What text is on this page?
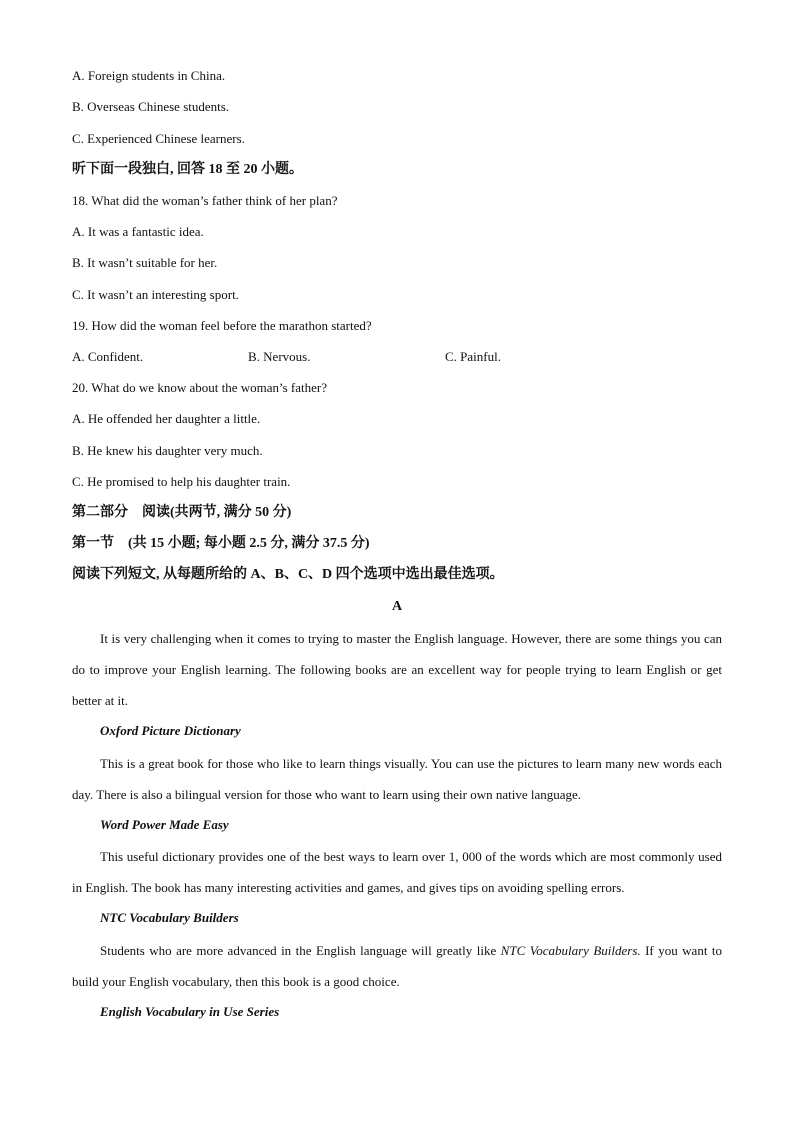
A. Foreign students in China.
B. Overseas Chinese students.
C. Experienced Chinese learners.
听下面一段独白, 回答 18 至 20 小题。
18. What did the woman’s father think of her plan?
A. It was a fantastic idea.
B. It wasn’t suitable for her.
C. It wasn’t an interesting sport.
19. How did the woman feel before the marathon started?
A. Confident.	B. Nervous.	C. Painful.
20. What do we know about the woman’s father?
A. He offended her daughter a little.
B. He knew his daughter very much.
C. He promised to help his daughter train.
第二部分　阅读(共两节, 满分 50 分)
第一节　(共 15 小题; 每小题 2.5 分, 满分 37.5 分)
阅读下列短文, 从每题所给的 A、B、C、D 四个选项中选出最佳选项。
A
It is very challenging when it comes to trying to master the English language. However, there are some things you can do to improve your English learning. The following books are an excellent way for people trying to learn English or get better at it.
Oxford Picture Dictionary
This is a great book for those who like to learn things visually. You can use the pictures to learn many new words each day. There is also a bilingual version for those who want to learn using their own native language.
Word Power Made Easy
This useful dictionary provides one of the best ways to learn over 1, 000 of the words which are most commonly used in English. The book has many interesting activities and games, and gives tips on avoiding spelling errors.
NTC Vocabulary Builders
Students who are more advanced in the English language will greatly like NTC Vocabulary Builders. If you want to build your English vocabulary, then this book is a good choice.
English Vocabulary in Use Series
